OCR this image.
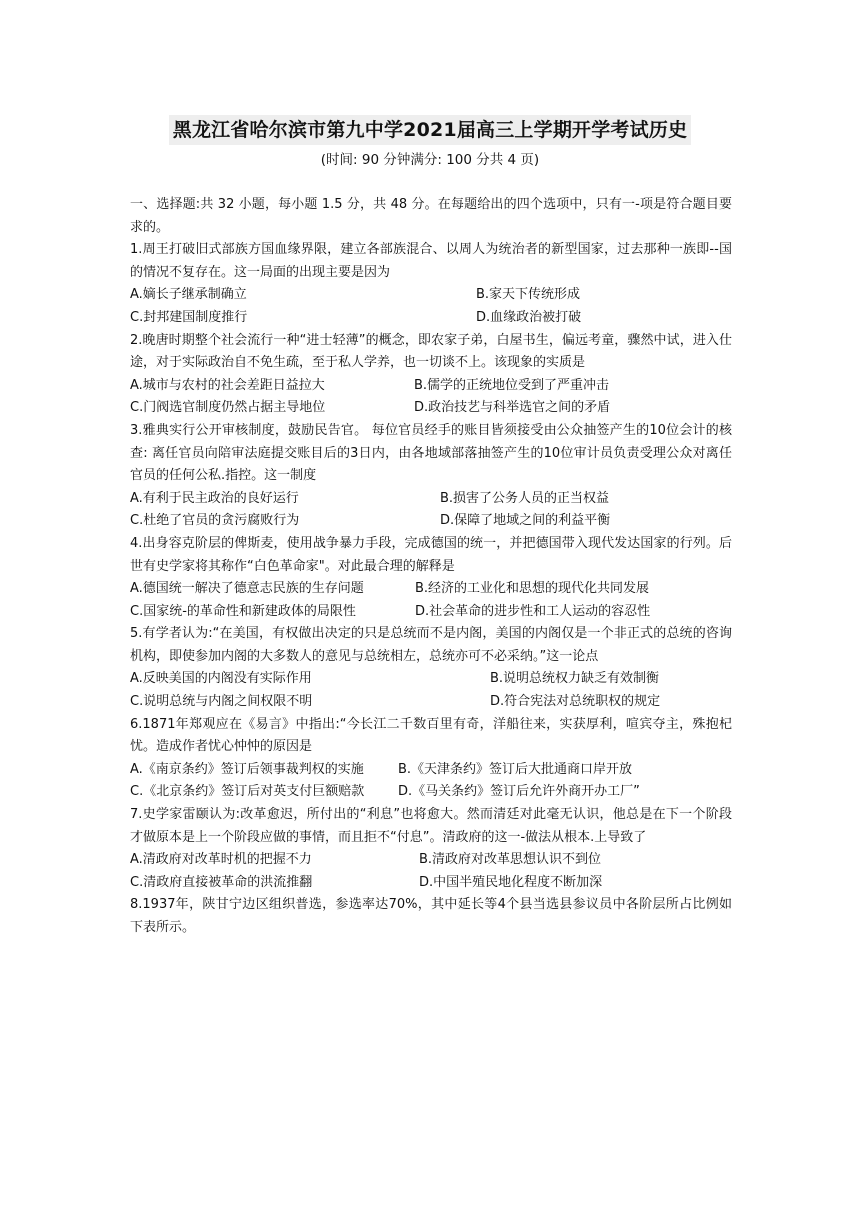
黑龙江省哈尔滨市第九中学2021届高三上学期开学考试历史
(时间: 90 分钟满分: 100 分共 4 页)

一、选择题:共 32 小题，每小题 1.5 分，共 48 分。在每题给出的四个选项中，只有一-项是符合题目要求的。

1.周王打破旧式部族方国血缘界限，建立各部族混合、以周人为统治者的新型国家，过去那种一族即--国的情况不复存在。这一局面的出现主要是因为

A.嫡长子继承制确立	B.家天下传统形成
C.封邦建国制度推行	D.血缘政治被打破

2.晚唐时期整个社会流行一种“进士轻薄”的概念，即农家子弟，白屋书生，偏远考童，骤然中试，进入仕途，对于实际政治自不免生疏，至于私人学养，也一切谈不上。该现象的实质是

A.城市与农村的社会差距日益拉大	B.儒学的正统地位受到了严重冲击
C.门阀选官制度仍然占据主导地位	D.政治技艺与科举选官之间的矛盾

3.雅典实行公开审核制度，鼓励民告官。 每位官员经手的账目皆须接受由公众抽签产生的10位会计的核查: 离任官员向陪审法庭提交账目后的3日内，由各地域部落抽签产生的10位审计员负责受理公众对离任官员的任何公私.指控。这一制度

A.有利于民主政治的良好运行	B.损害了公务人员的正当权益
C.杜绝了官员的贪污腐败行为	D.保障了地域之间的利益平衡

4.出身容克阶层的俾斯麦，使用战争暴力手段，完成德国的统一，并把德国带入现代发达国家的行列。后世有史学家将其称作“白色革命家"。对此最合理的解释是

A.德国统一解决了德意志民族的生存问题	B.经济的工业化和思想的现代化共同发展
C.国家统-的革命性和新建政体的局限性	D.社会革命的进步性和工人运动的容忍性

5.有学者认为:“在美国，有权做出决定的只是总统而不是内阁，美国的内阁仅是一个非正式的总统的咨询机构，即使参加内阁的大多数人的意见与总统相左，总统亦可不必采纳。”这一论点

A.反映美国的内阁没有实际作用	B.说明总统权力缺乏有效制衡
C.说明总统与内阁之间权限不明	D.符合宪法对总统职权的规定

6.1871年郑观应在《易言》中指出:“今长江二千数百里有奇，洋船往来，实获厚利，喧宾夺主，殊抱杞忧。造成作者忧心忡忡的原因是

A.《南京条约》签订后领事裁判权的实施	B.《天津条约》签订后大批通商口岸开放
C.《北京条约》签订后对英支付巨额赔款	D.《马关条约》签订后允许外商开办工厂”

7.史学家雷颐认为:改革愈迟，所付出的“利息”也将愈大。然而清廷对此毫无认识，他总是在下一个阶段才做原本是上一个阶段应做的事情，而且拒不“付息”。清政府的这一-做法从根本.上导致了

A.清政府对改革时机的把握不力	B.清政府对改革思想认识不到位
C.清政府直接被革命的洪流推翻	D.中国半殖民地化程度不断加深

8.1937年，陕甘宁边区组织普选，参选率达70%，其中延长等4个县当选县参议员中各阶层所占比例如下表所示。
